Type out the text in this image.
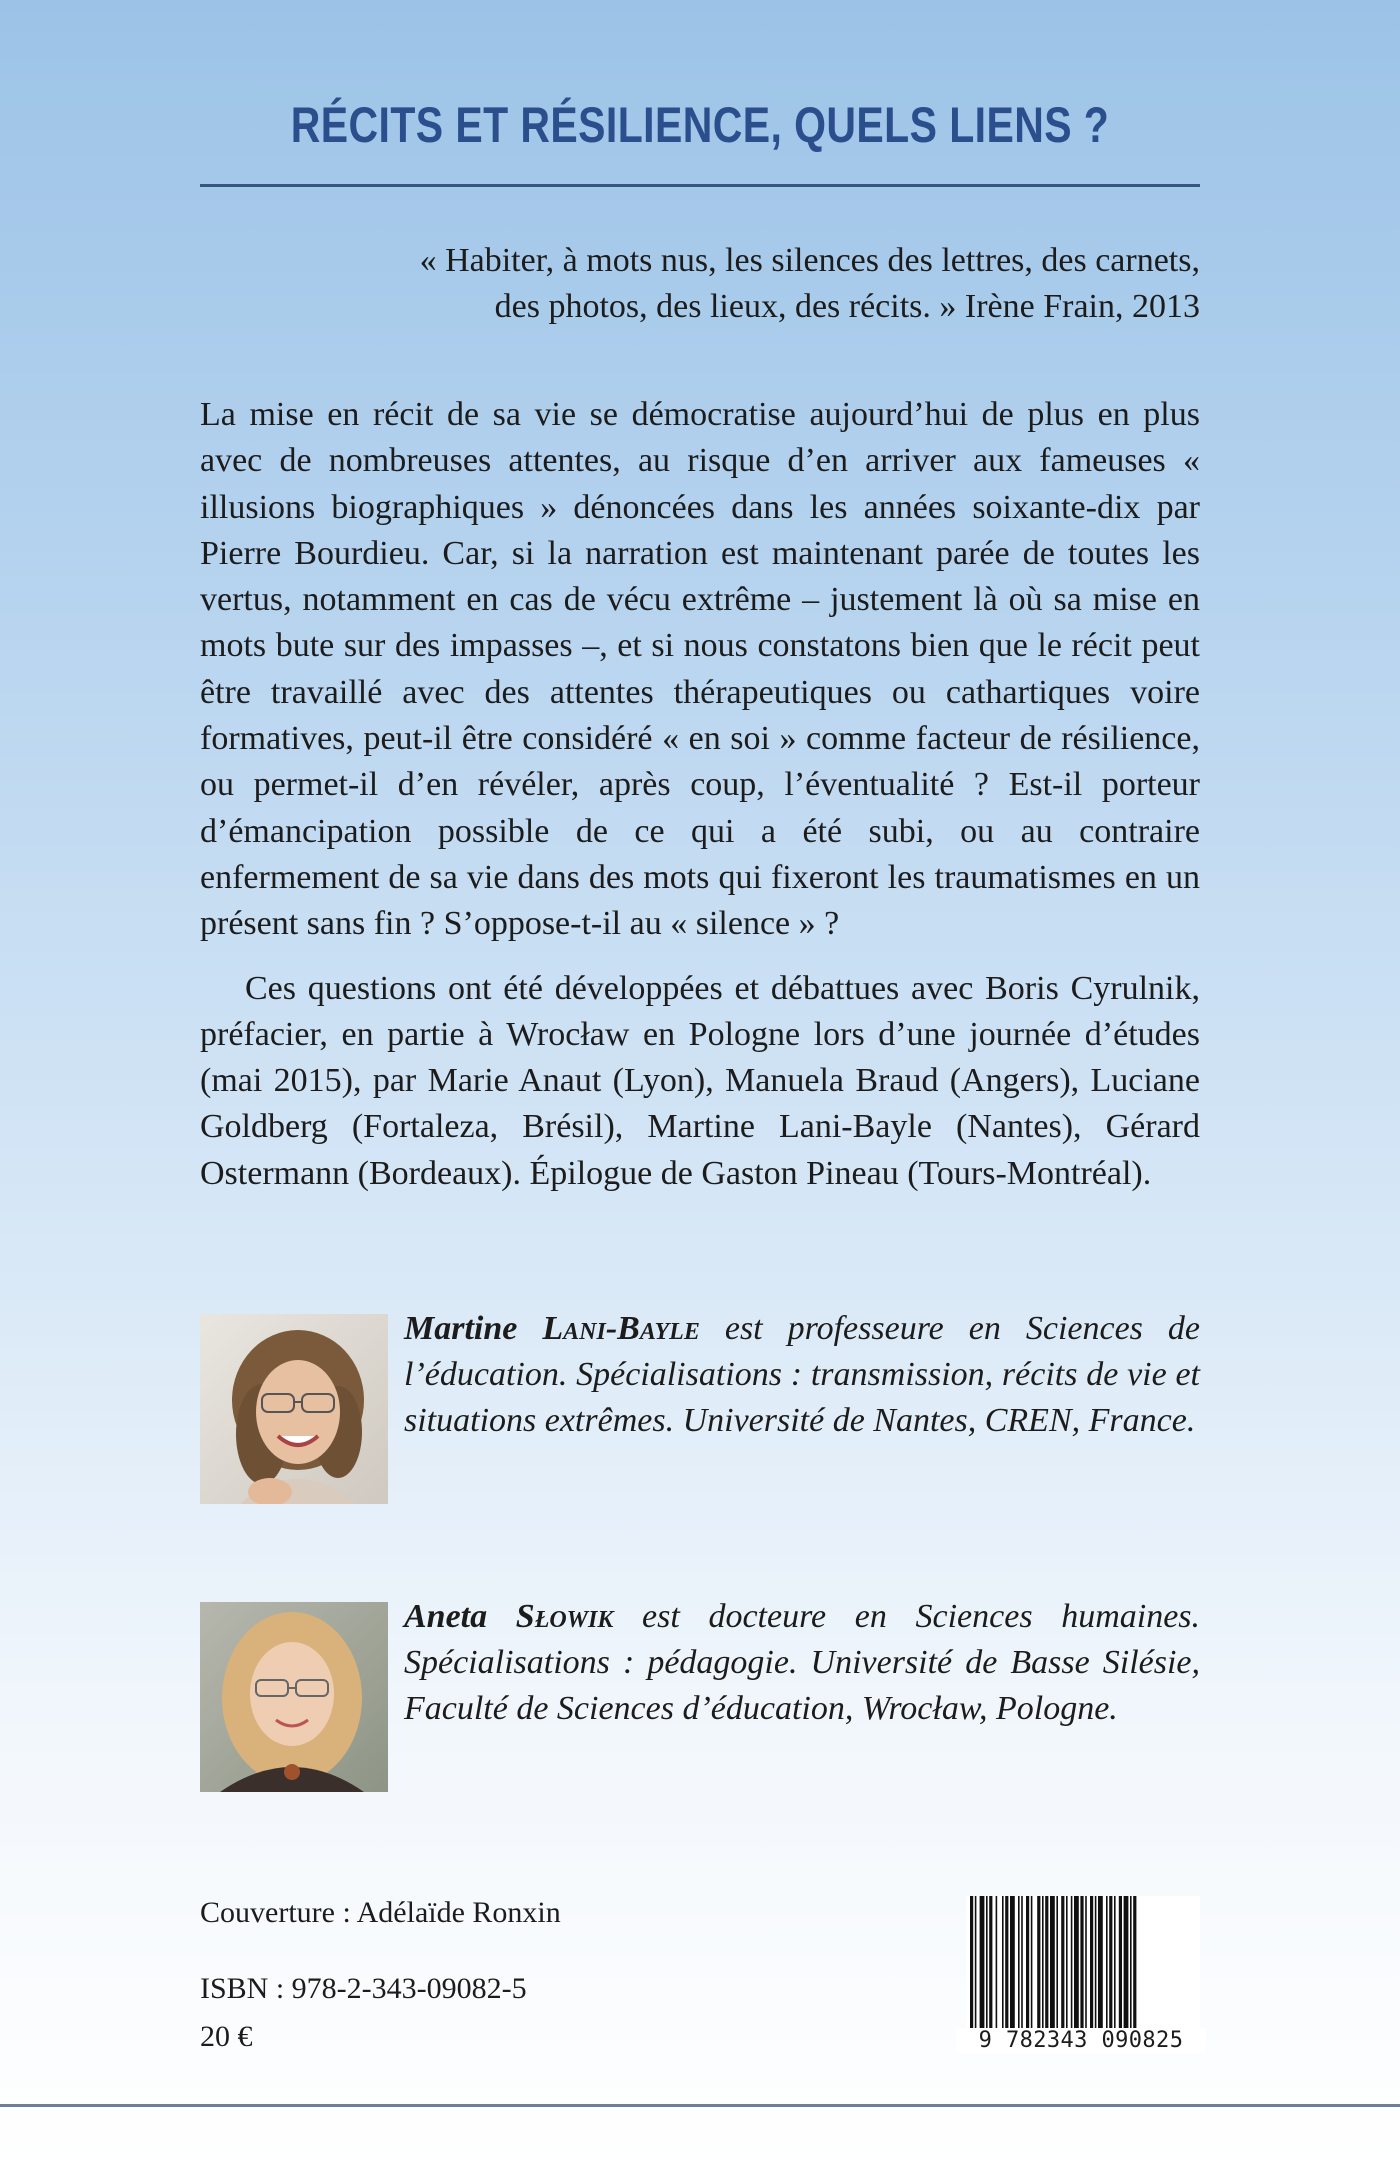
RÉCITS ET RÉSILIENCE, QUELS LIENS ?
« Habiter, à mots nus, les silences des lettres, des carnets,
des photos, des lieux, des récits. » Irène Frain, 2013

La mise en récit de sa vie se démocratise aujourd’hui de plus en plus avec de nombreuses attentes, au risque d’en arriver aux fameuses « illusions biographiques » dénoncées dans les années soixante-dix par Pierre Bourdieu. Car, si la narration est maintenant parée de toutes les vertus, notamment en cas de vécu extrême – justement là où sa mise en mots bute sur des impasses –, et si nous constatons bien que le récit peut être travaillé avec des attentes thérapeutiques ou cathartiques voire formatives, peut-il être considéré « en soi » comme facteur de résilience, ou permet-il d’en révéler, après coup, l’éventualité ? Est-il porteur d’émancipation possible de ce qui a été subi, ou au contraire enfermement de sa vie dans des mots qui fixeront les traumatismes en un présent sans fin ? S’oppose-t-il au « silence » ?

Ces questions ont été développées et débattues avec Boris Cyrulnik, préfacier, en partie à Wrocław en Pologne lors d’une journée d’études (mai 2015), par Marie Anaut (Lyon), Manuela Braud (Angers), Luciane Goldberg (Fortaleza, Brésil), Martine Lani-Bayle (Nantes), Gérard Ostermann (Bordeaux). Épilogue de Gaston Pineau (Tours-Montréal).

Martine Lani-Bayle est professeure en Sciences de l’éducation. Spécialisations : transmission, récits de vie et situations extrêmes. Université de Nantes, CREN, France.
Aneta Słowik est docteure en Sciences humaines. Spécialisations : pédagogie. Université de Basse Silésie, Faculté de Sciences d’éducation, Wrocław, Pologne.
Couverture : Adélaïde Ronxin
ISBN : 978-2-343-09082-5
20 €	9 782343 090825
